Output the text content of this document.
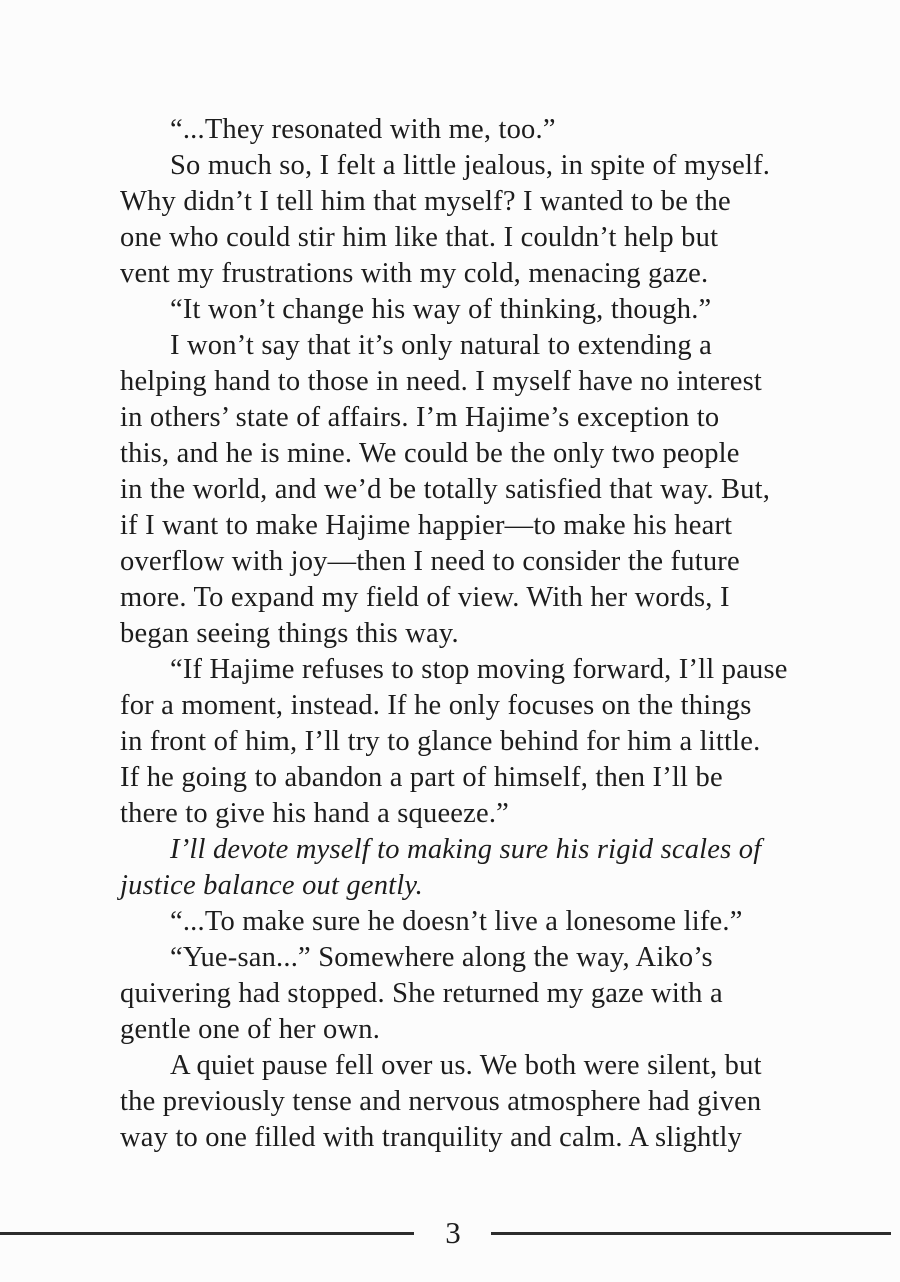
“...They resonated with me, too.”
So much so, I felt a little jealous, in spite of myself.
Why didn’t I tell him that myself? I wanted to be the
one who could stir him like that. I couldn’t help but
vent my frustrations with my cold, menacing gaze.
“It won’t change his way of thinking, though.”
I won’t say that it’s only natural to extending a
helping hand to those in need. I myself have no interest
in others’ state of affairs. I’m Hajime’s exception to
this, and he is mine. We could be the only two people
in the world, and we’d be totally satisfied that way. But,
if I want to make Hajime happier—to make his heart
overflow with joy—then I need to consider the future
more. To expand my field of view. With her words, I
began seeing things this way.
“If Hajime refuses to stop moving forward, I’ll pause
for a moment, instead. If he only focuses on the things
in front of him, I’ll try to glance behind for him a little.
If he going to abandon a part of himself, then I’ll be
there to give his hand a squeeze.”
I’ll devote myself to making sure his rigid scales of
justice balance out gently.
“...To make sure he doesn’t live a lonesome life.”
“Yue-san...” Somewhere along the way, Aiko’s
quivering had stopped. She returned my gaze with a
gentle one of her own.
A quiet pause fell over us. We both were silent, but
the previously tense and nervous atmosphere had given
way to one filled with tranquility and calm. A slightly
3
